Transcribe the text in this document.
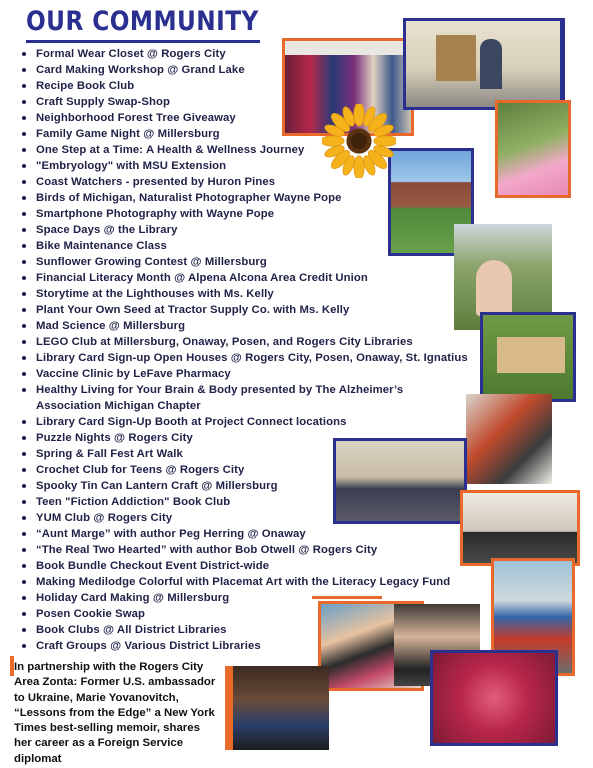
OUR COMMUNITY
Formal Wear Closet @ Rogers City
Card Making Workshop @ Grand Lake
Recipe Book Club
Craft Supply Swap-Shop
Neighborhood Forest Tree Giveaway
Family Game Night @ Millersburg
One Step at a Time: A Health & Wellness Journey
"Embryology" with MSU Extension
Coast Watchers - presented by Huron Pines
Birds of Michigan, Naturalist Photographer Wayne Pope
Smartphone Photography with Wayne Pope
Space Days @ the Library
Bike Maintenance Class
Sunflower Growing Contest @ Millersburg
Financial Literacy Month @ Alpena Alcona Area Credit Union
Storytime at the Lighthouses with Ms. Kelly
Plant Your Own Seed at Tractor Supply Co. with Ms. Kelly
Mad Science @ Millersburg
LEGO Club at Millersburg, Onaway, Posen, and Rogers City Libraries
Library Card Sign-up Open Houses @ Rogers City, Posen, Onaway, St. Ignatius
Vaccine Clinic by LeFave Pharmacy
Healthy Living for Your Brain & Body presented by The Alzheimer’s Association Michigan Chapter
Library Card Sign-Up Booth at Project Connect locations
Puzzle Nights @ Rogers City
Spring & Fall Fest Art Walk
Crochet Club for Teens @ Rogers City
Spooky Tin Can Lantern Craft @ Millersburg
Teen "Fiction Addiction" Book Club
YUM Club @ Rogers City
“Aunt Marge” with author Peg Herring @ Onaway
“The Real Two Hearted” with author Bob Otwell @ Rogers City
Book Bundle Checkout Event District-wide
Making Medilodge Colorful with Placemat Art with the Literacy Legacy Fund
Holiday Card Making @ Millersburg
Posen Cookie Swap
Book Clubs @ All District Libraries
Craft Groups @ Various District Libraries
In partnership with the Rogers City Area Zonta: Former U.S. ambassador to Ukraine, Marie Yovanovitch, “Lessons from the Edge” a New York Times best-selling memoir, shares her career as a Foreign Service diplomat
